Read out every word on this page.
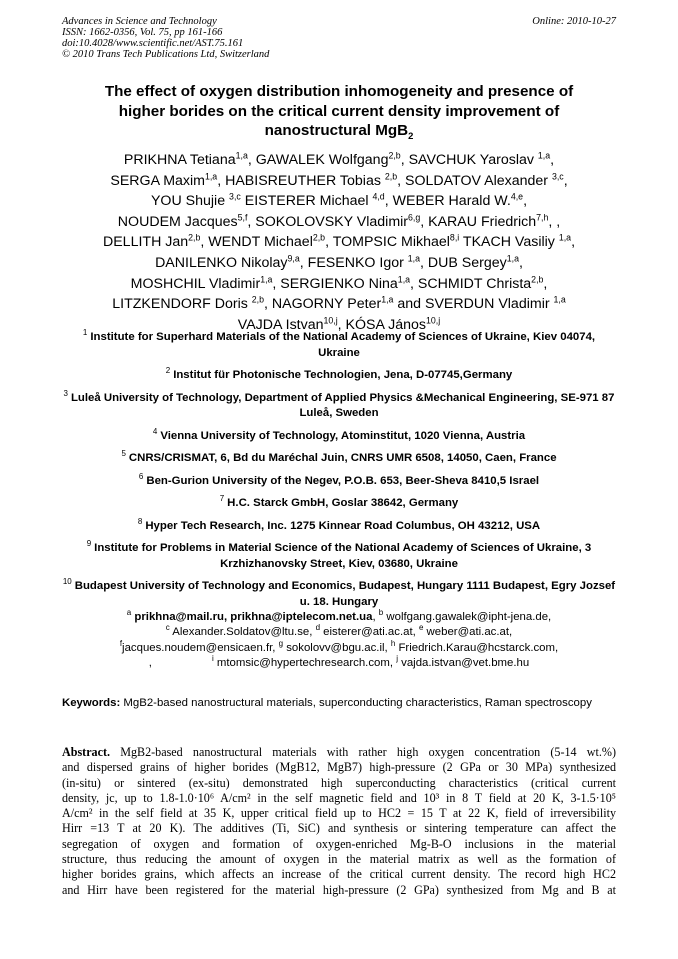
Advances in Science and Technology
ISSN: 1662-0356, Vol. 75, pp 161-166
doi:10.4028/www.scientific.net/AST.75.161
© 2010 Trans Tech Publications Ltd, Switzerland
Online: 2010-10-27
The effect of oxygen distribution inhomogeneity and presence of
higher borides on the critical current density improvement of
nanostructural MgB$_2$
PRIKHNA Tetiana$^{1,a}$, GAWALEK Wolfgang$^{2,b}$, SAVCHUK Yaroslav $^{1,a}$,
SERGA Maxim$^{1,a}$, HABISREUTHER Tobias $^{2,b}$, SOLDATOV Alexander $^{3,c}$,
YOU Shujie $^{3,c}$ EISTERER Michael $^{4,d}$, WEBER Harald W.$^{4,e}$,
NOUDEM Jacques$^{5,f}$, SOKOLOVSKY Vladimir$^{6,g}$, KARAU Friedrich$^{7,h}$, ,
DELLITH Jan$^{2,b}$, WENDT Michael$^{2,b}$, TOMPSIC Mikhael$^{8,i}$ TKACH Vasiliy $^{1,a}$,
DANILENKO Nikolay$^{9,a}$, FESENKO Igor $^{1,a}$, DUB Sergey$^{1,a}$,
MOSHCHIL Vladimir$^{1,a}$, SERGIENKO Nina$^{1,a}$, SCHMIDT Christa$^{2,b}$,
LITZKENDORF Doris $^{2,b}$, NAGORNY Peter$^{1,a}$ and SVERDUN Vladimir $^{1,a}$
VAJDA Istvan$^{10,j}$, KÓSA János$^{10,j}$
$^1$ Institute for Superhard Materials of the National Academy of Sciences of Ukraine, Kiev 04074, Ukraine
$^2$ Institut für Photonische Technologien, Jena, D-07745,Germany
$^3$ Luleå University of Technology, Department of Applied Physics &Mechanical Engineering, SE-971 87 Luleå, Sweden
$^4$ Vienna University of Technology, Atominstitut, 1020 Vienna, Austria
$^5$ CNRS/CRISMAT, 6, Bd du Maréchal Juin, CNRS UMR 6508, 14050, Caen, France
$^6$ Ben-Gurion University of the Negev, P.O.B. 653, Beer-Sheva 8410,5 Israel
$^7$ H.C. Starck GmbH, Goslar 38642, Germany
$^8$ Hyper Tech Research, Inc. 1275 Kinnear Road Columbus, OH 43212, USA
$^9$ Institute for Problems in Material Science of the National Academy of Sciences of Ukraine, 3 Krzhizhanovsky Street, Kiev, 03680, Ukraine
$^{10}$ Budapest University of Technology and Economics, Budapest, Hungary 1111 Budapest, Egry Jozsef u. 18. Hungary
$^a$ prikhna@mail.ru, prikhna@iptelecom.net.ua, $^b$ wolfgang.gawalek@ipht-jena.de,
$^c$ Alexander.Soldatov@ltu.se, $^d$ eisterer@ati.ac.at, $^e$ weber@ati.ac.at,
$^f$jacques.noudem@ensicaen.fr, $^g$ sokolovv@bgu.ac.il, $^h$ Friedrich.Karau@hcstarck.com,
,	$^i$ mtomsic@hypertechresearch.com, $^j$ vajda.istvan@vet.bme.hu
Keywords: MgB2-based nanostructural materials, superconducting characteristics, Raman spectroscopy
Abstract. MgB2-based nanostructural materials with rather high oxygen concentration (5-14 wt.%)
and dispersed grains of higher borides (MgB12, MgB7) high-pressure (2 GPa or 30 MPa) synthesized
(in-situ) or sintered (ex-situ) demonstrated high superconducting characteristics (critical current
density, jc, up to 1.8-1.0·10⁶ A/cm² in the self magnetic field and 10³ in 8 T field at 20 K, 3-1.5·10⁵
A/cm² in the self field at 35 K, upper critical field up to HC2 = 15 T at 22 K, field of irreversibility
Hirr =13 T at 20 K). The additives (Ti, SiC) and synthesis or sintering temperature can affect the
segregation of oxygen and formation of oxygen-enriched Mg-B-O inclusions in the material
structure, thus reducing the amount of oxygen in the material matrix as well as the formation of
higher borides grains, which affects an increase of the critical current density. The record high HC2
and Hirr have been registered for the material high-pressure (2 GPa) synthesized from Mg and B at
